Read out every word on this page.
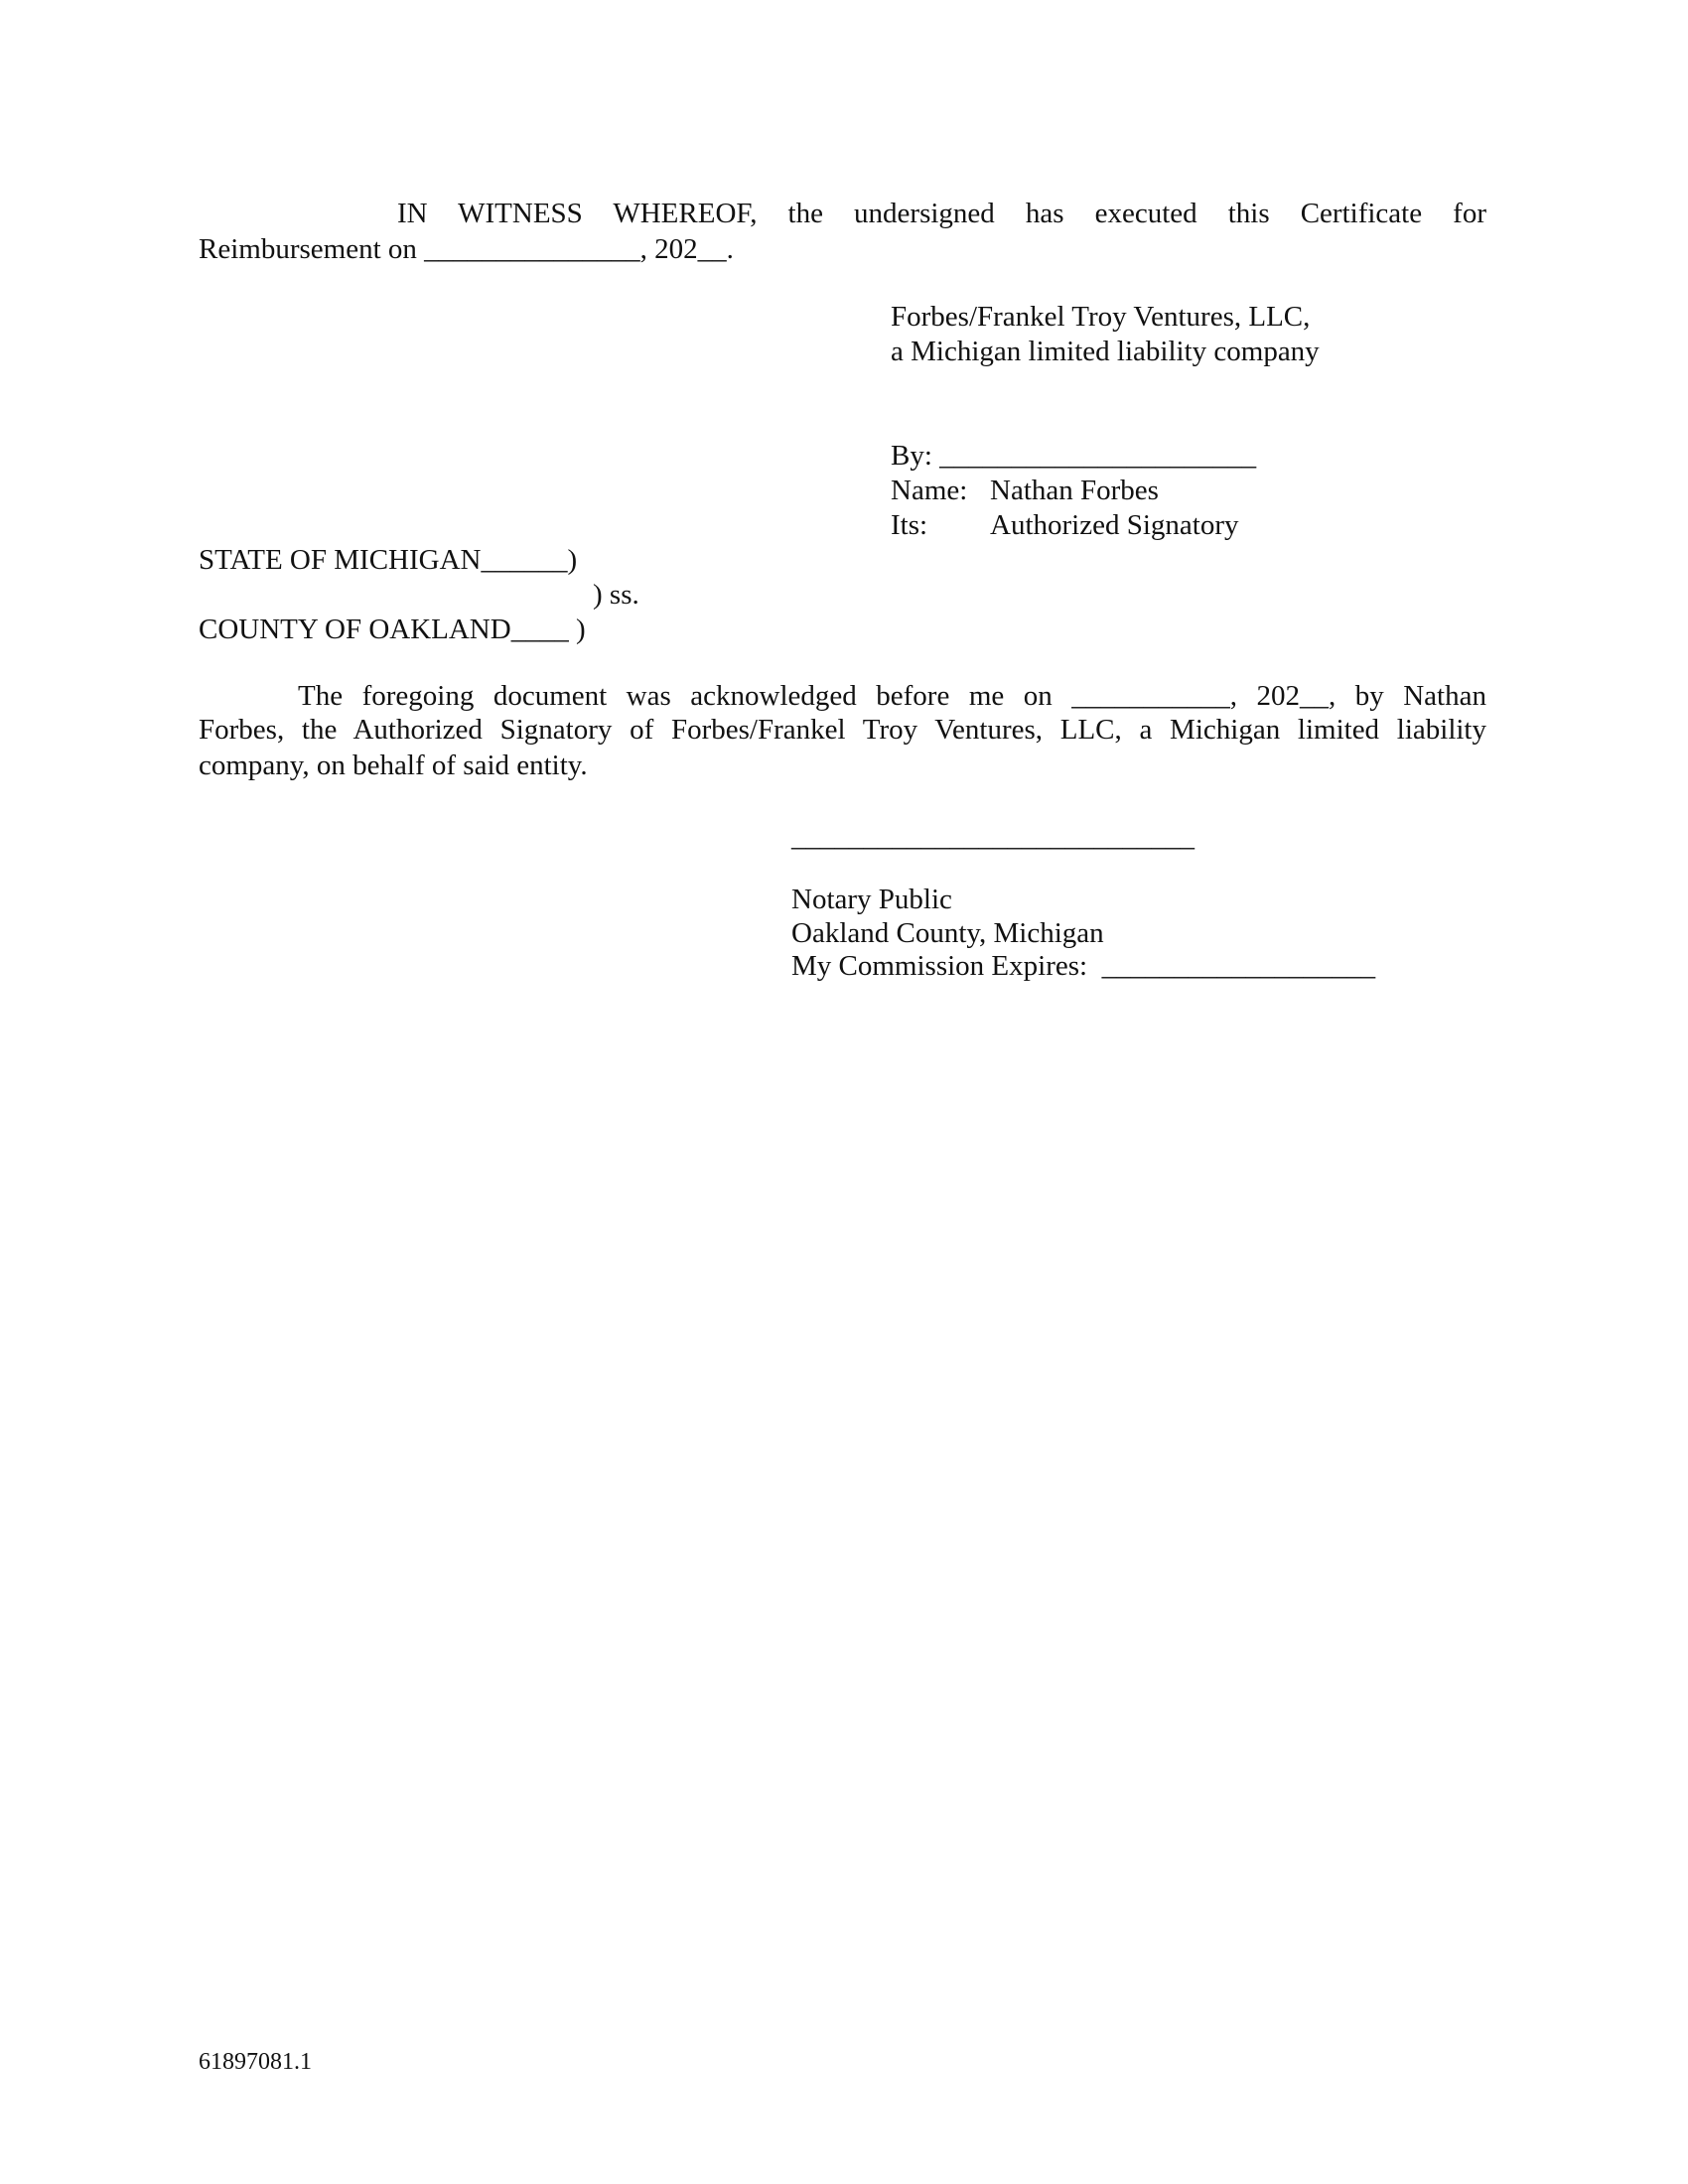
IN WITNESS WHEREOF, the undersigned has executed this Certificate for
Reimbursement on _______________, 202__.
Forbes/Frankel Troy Ventures, LLC,
a Michigan limited liability company
By: ______________________
Name: Nathan Forbes
Its: Authorized Signatory
STATE OF MICHIGAN______)
) ss.
COUNTY OF OAKLAND____ )
The foregoing document was acknowledged before me on ___________, 202__, by Nathan
Forbes, the Authorized Signatory of Forbes/Frankel Troy Ventures, LLC, a Michigan limited liability
company, on behalf of said entity.
____________________________
Notary Public
Oakland County, Michigan
My Commission Expires: ___________________
61897081.1
